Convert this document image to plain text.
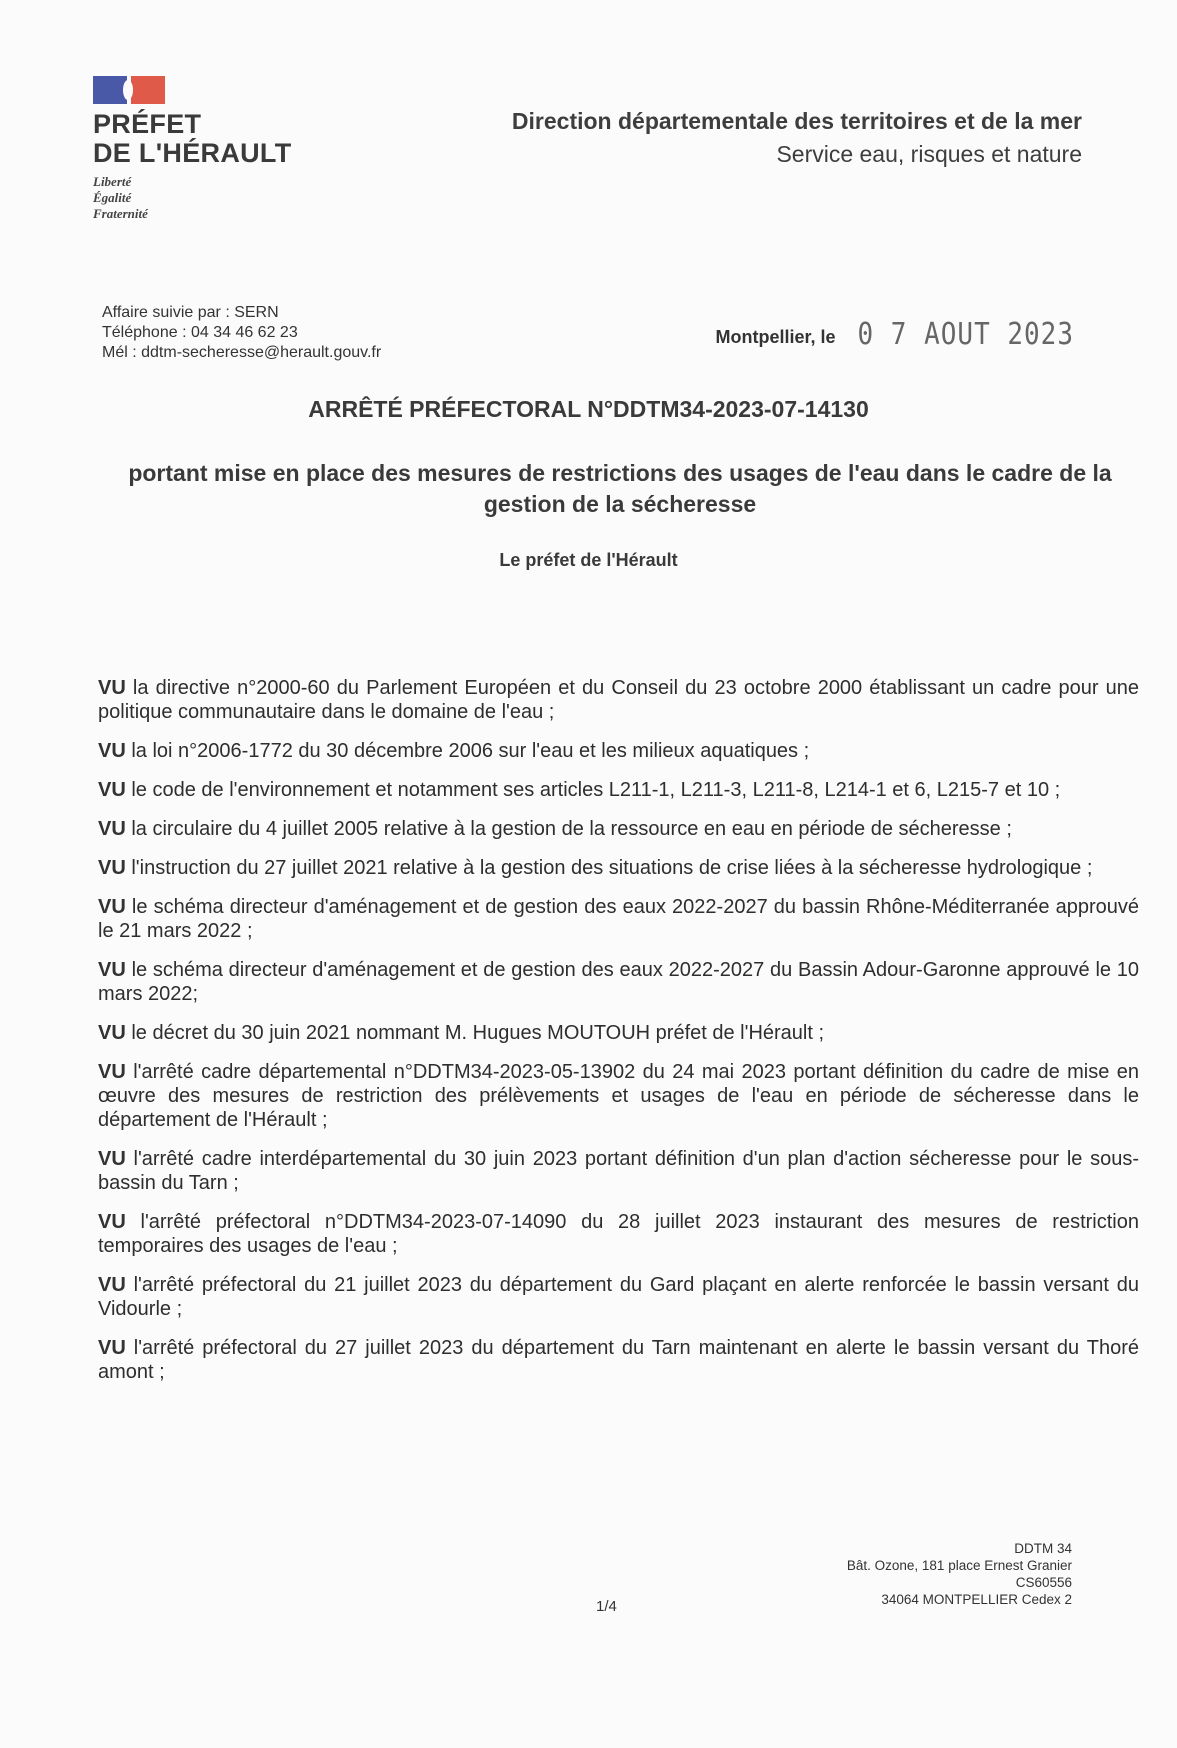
PRÉFET
DE L'HÉRAULT
Liberté
Égalité
Fraternité
Direction départementale des territoires et de la mer
Service eau, risques et nature
Affaire suivie par : SERN
Téléphone : 04 34 46 62 23
Mél : ddtm-secheresse@herault.gouv.fr
Montpellier, le 0 7 AOUT 2023
ARRÊTÉ PRÉFECTORAL N°DDTM34-2023-07-14130
portant mise en place des mesures de restrictions des usages de l'eau dans le cadre de la gestion de la sécheresse
Le préfet de l'Hérault
VU la directive n°2000-60 du Parlement Européen et du Conseil du 23 octobre 2000 établissant un cadre pour une politique communautaire dans le domaine de l'eau ;
VU la loi n°2006-1772 du 30 décembre 2006 sur l'eau et les milieux aquatiques ;
VU le code de l'environnement et notamment ses articles L211-1, L211-3, L211-8, L214-1 et 6, L215-7 et 10 ;
VU la circulaire du 4 juillet 2005 relative à la gestion de la ressource en eau en période de sécheresse ;
VU l'instruction du 27 juillet 2021 relative à la gestion des situations de crise liées à la sécheresse hydrologique ;
VU le schéma directeur d'aménagement et de gestion des eaux 2022-2027 du bassin Rhône-Méditerranée approuvé le 21 mars 2022 ;
VU le schéma directeur d'aménagement et de gestion des eaux 2022-2027 du Bassin Adour-Garonne approuvé le 10 mars 2022;
VU le décret du 30 juin 2021 nommant M. Hugues MOUTOUH préfet de l'Hérault ;
VU l'arrêté cadre départemental n°DDTM34-2023-05-13902 du 24 mai 2023 portant définition du cadre de mise en œuvre des mesures de restriction des prélèvements et usages de l'eau en période de sécheresse dans le département de l'Hérault ;
VU l'arrêté cadre interdépartemental du 30 juin 2023 portant définition d'un plan d'action sécheresse pour le sous-bassin du Tarn ;
VU l'arrêté préfectoral n°DDTM34-2023-07-14090 du 28 juillet 2023 instaurant des mesures de restriction temporaires des usages de l'eau ;
VU l'arrêté préfectoral du 21 juillet 2023 du département du Gard plaçant en alerte renforcée le bassin versant du Vidourle ;
VU l'arrêté préfectoral du 27 juillet 2023 du département du Tarn maintenant en alerte le bassin versant du Thoré amont ;
DDTM 34
Bât. Ozone, 181 place Ernest Granier
CS60556
34064 MONTPELLIER Cedex 2
1/4
